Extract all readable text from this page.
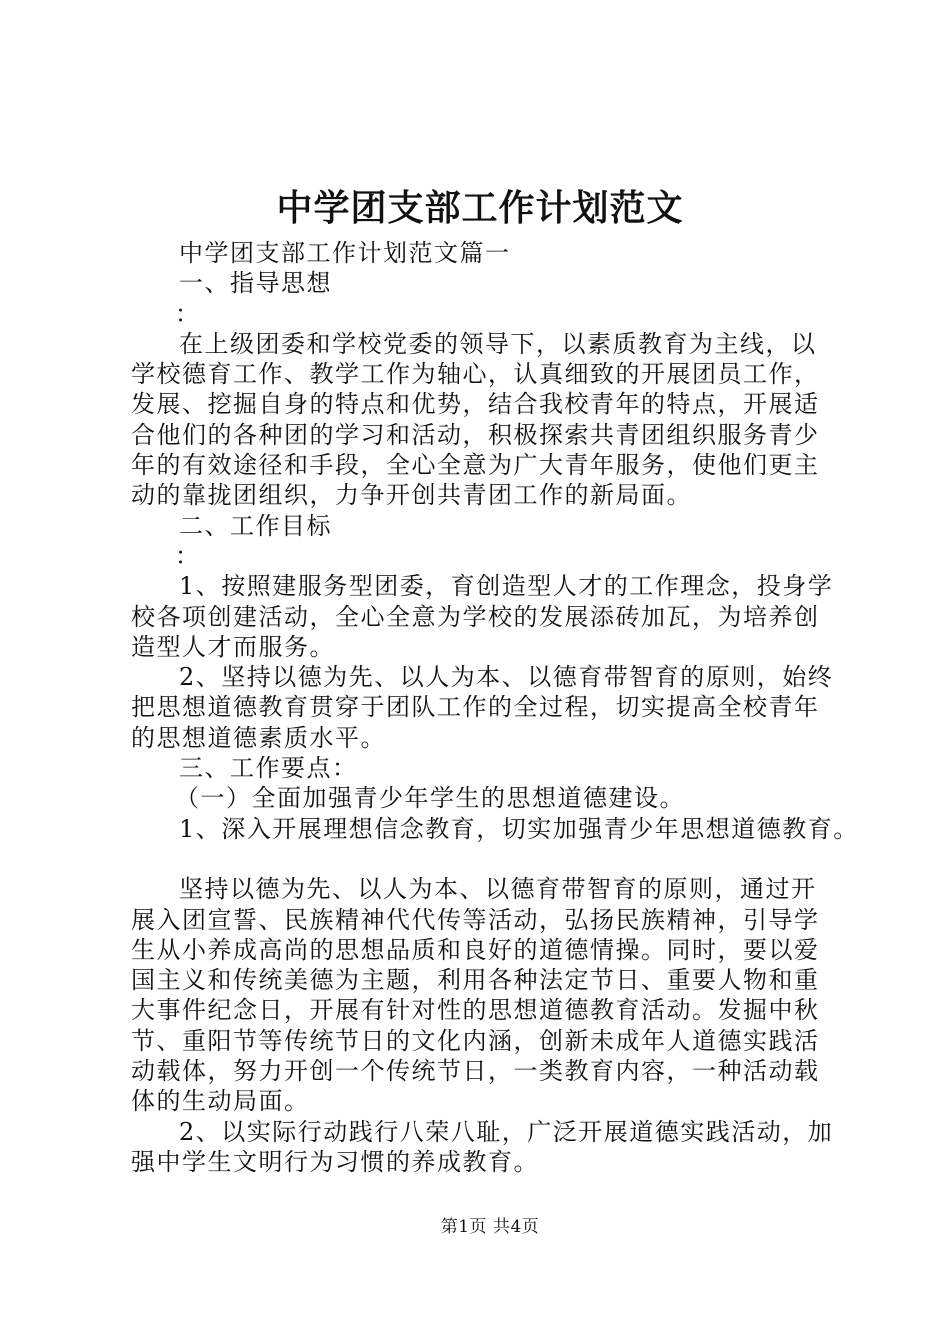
中学团支部工作计划范文

中学团支部工作计划范文篇一

一、指导思想

：

在上级团委和学校党委的领导下，以素质教育为主线，以

学校德育工作、教学工作为轴心，认真细致的开展团员工作，

发展、挖掘自身的特点和优势，结合我校青年的特点，开展适

合他们的各种团的学习和活动，积极探索共青团组织服务青少

年的有效途径和手段，全心全意为广大青年服务，使他们更主

动的靠拢团组织，力争开创共青团工作的新局面。

二、工作目标

：

1、按照建服务型团委，育创造型人才的工作理念，投身学

校各项创建活动，全心全意为学校的发展添砖加瓦，为培养创

造型人才而服务。

2、坚持以德为先、以人为本、以德育带智育的原则，始终

把思想道德教育贯穿于团队工作的全过程，切实提高全校青年

的思想道德素质水平。

三、工作要点：

（一）全面加强青少年学生的思想道德建设。

1、深入开展理想信念教育，切实加强青少年思想道德教育。

坚持以德为先、以人为本、以德育带智育的原则，通过开

展入团宣誓、民族精神代代传等活动，弘扬民族精神，引导学

生从小养成高尚的思想品质和良好的道德情操。同时，要以爱

国主义和传统美德为主题，利用各种法定节日、重要人物和重

大事件纪念日，开展有针对性的思想道德教育活动。发掘中秋

节、重阳节等传统节日的文化内涵，创新未成年人道德实践活

动载体，努力开创一个传统节日，一类教育内容，一种活动载

体的生动局面。

2、以实际行动践行八荣八耻，广泛开展道德实践活动，加

强中学生文明行为习惯的养成教育。

第1页 共4页
